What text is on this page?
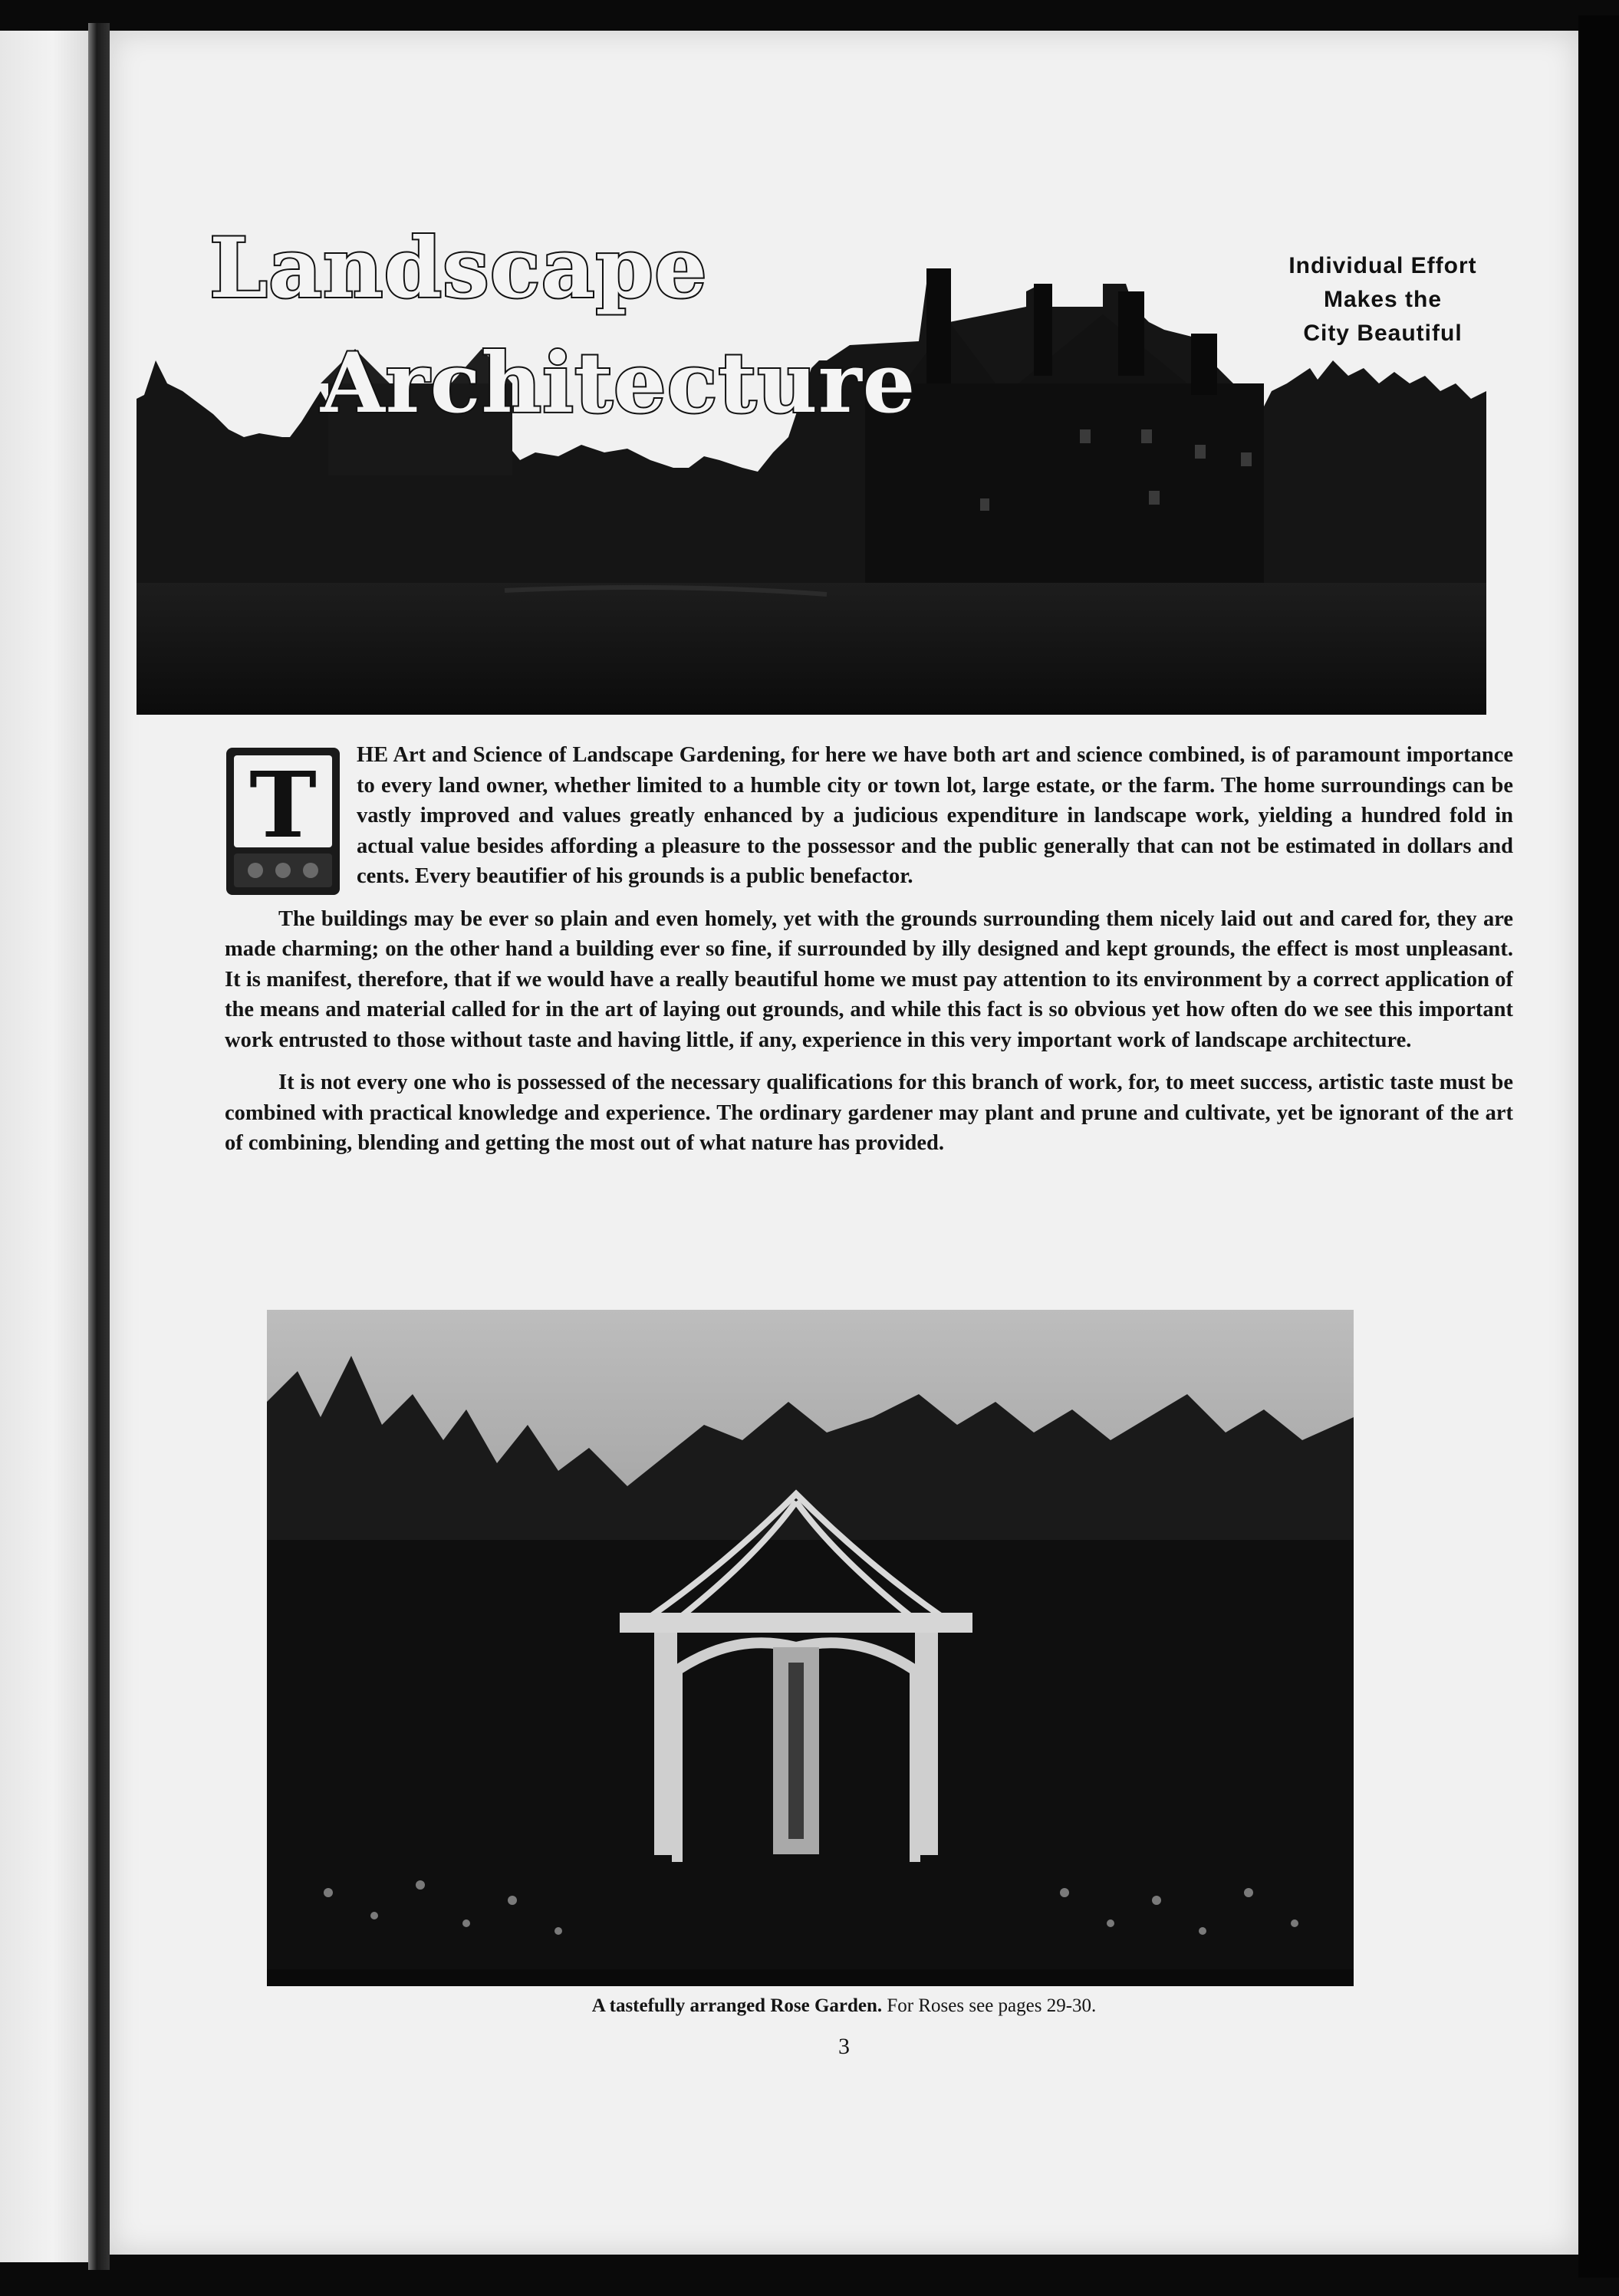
Landscape
Architecture
Individual Effort
Makes the
City Beautiful
T	HE Art and Science of Landscape Gardening, for here we have both art and science combined, is of paramount importance to every land owner, whether limited to a humble city or town lot, large estate, or the farm. The home surroundings can be vastly improved and values greatly enhanced by a judicious expenditure in landscape work, yielding a hundred fold in actual value besides affording a pleasure to the possessor and the public generally that can not be estimated in dollars and cents. Every beautifier of his grounds is a public benefactor.

The buildings may be ever so plain and even homely, yet with the grounds surrounding them nicely laid out and cared for, they are made charming; on the other hand a building ever so fine, if surrounded by illy designed and kept grounds, the effect is most unpleasant. It is manifest, therefore, that if we would have a really beautiful home we must pay attention to its environment by a correct application of the means and material called for in the art of laying out grounds, and while this fact is so obvious yet how often do we see this important work entrusted to those without taste and having little, if any, experience in this very important work of landscape architecture.

It is not every one who is possessed of the necessary qualifications for this branch of work, for, to meet success, artistic taste must be combined with practical knowledge and experience. The ordinary gardener may plant and prune and cultivate, yet be ignorant of the art of combining, blending and getting the most out of what nature has provided.

A tastefully arranged Rose Garden. For Roses see pages 29-30.
3
